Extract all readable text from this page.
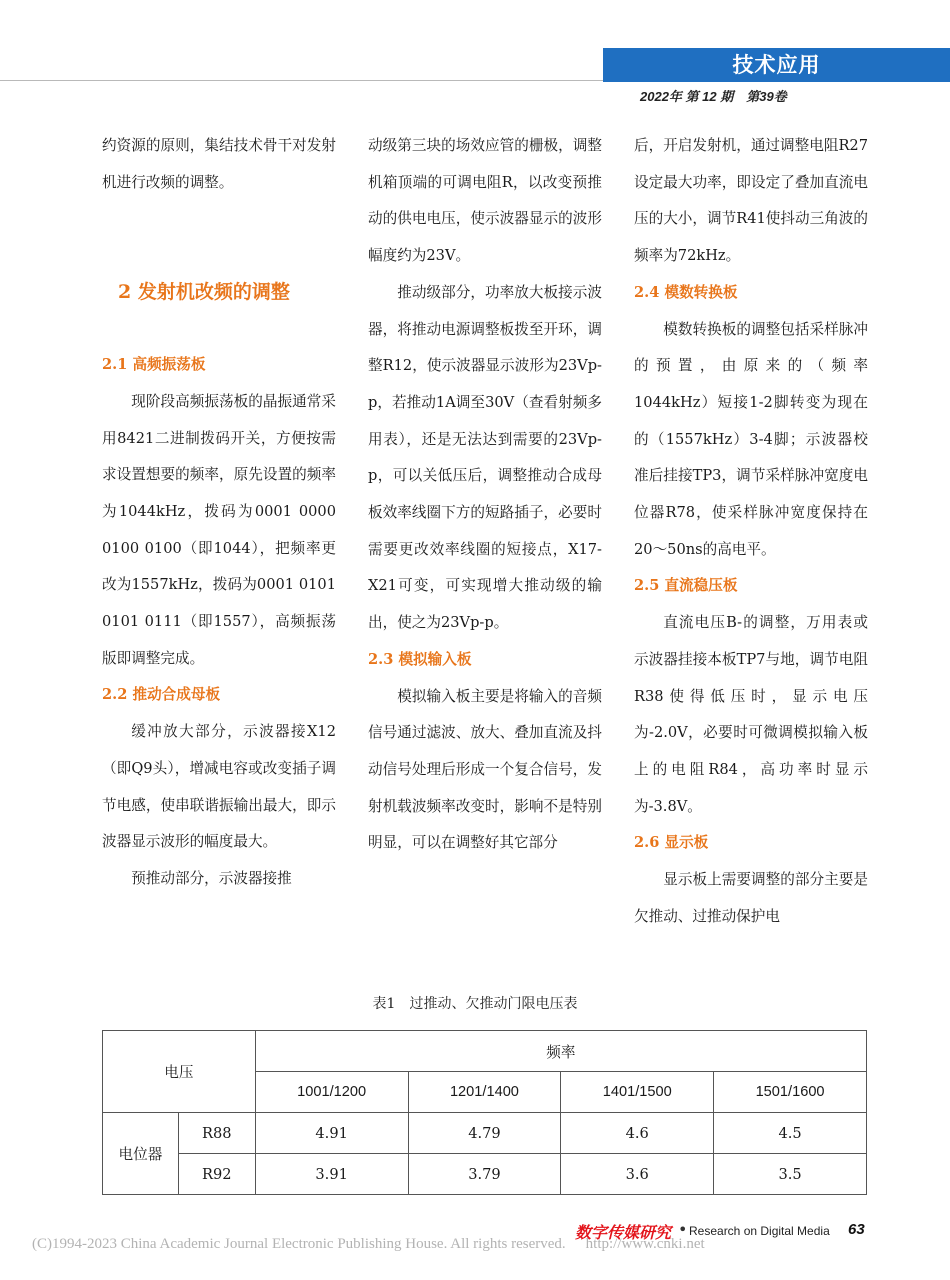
技术应用
2022年 第 12 期　第39卷

约资源的原则，集结技术骨干对发射机进行改频的调整。

2 发射机改频的调整

2.1 高频振荡板

现阶段高频振荡板的晶振通常采用8421二进制拨码开关，方便按需求设置想要的频率，原先设置的频率为1044kHz，拨码为0001 0000 0100 0100（即1044），把频率更改为1557kHz，拨码为0001 0101 0101 0111（即1557），高频振荡版即调整完成。

2.2 推动合成母板

缓冲放大部分，示波器接X12（即Q9头），增减电容或改变插子调节电感，使串联谐振输出最大，即示波器显示波形的幅度最大。

预推动部分，示波器接推

动级第三块的场效应管的栅极，调整机箱顶端的可调电阻R，以改变预推动的供电电压，使示波器显示的波形幅度约为23V。

推动级部分，功率放大板接示波器，将推动电源调整板拨至开环，调整R12，使示波器显示波形为23Vp-p，若推动1A调至30V（查看射频多用表），还是无法达到需要的23Vp-p，可以关低压后，调整推动合成母板效率线圈下方的短路插子，必要时需要更改效率线圈的短接点，X17-X21可变，可实现增大推动级的输出，使之为23Vp-p。

2.3 模拟输入板

模拟输入板主要是将输入的音频信号通过滤波、放大、叠加直流及抖动信号处理后形成一个复合信号，发射机载波频率改变时，影响不是特别明显，可以在调整好其它部分

后，开启发射机，通过调整电阻R27设定最大功率，即设定了叠加直流电压的大小，调节R41使抖动三角波的频率为72kHz。

2.4 模数转换板

模数转换板的调整包括采样脉冲的预置，由原来的（频率1044kHz）短接1-2脚转变为现在的（1557kHz）3-4脚；示波器校准后挂接TP3，调节采样脉冲宽度电位器R78，使采样脉冲宽度保持在20～50ns的高电平。

2.5 直流稳压板

直流电压B-的调整，万用表或示波器挂接本板TP7与地，调节电阻R38使得低压时，显示电压为-2.0V，必要时可微调模拟输入板上的电阻R84，高功率时显示为-3.8V。

2.6 显示板

显示板上需要调整的部分主要是欠推动、过推动保护电

表1　过推动、欠推动门限电压表
电压		频率			
		1001/1200	1201/1400	1401/1500	1501/1600
电位器	R88	4.91	4.79	4.6	4.5
	R92	3.91	3.79	3.6	3.5
数字传媒研究 • Research on Digital Media 63
(C)1994-2023 China Academic Journal Electronic Publishing House. All rights reserved. http://www.cnki.net
